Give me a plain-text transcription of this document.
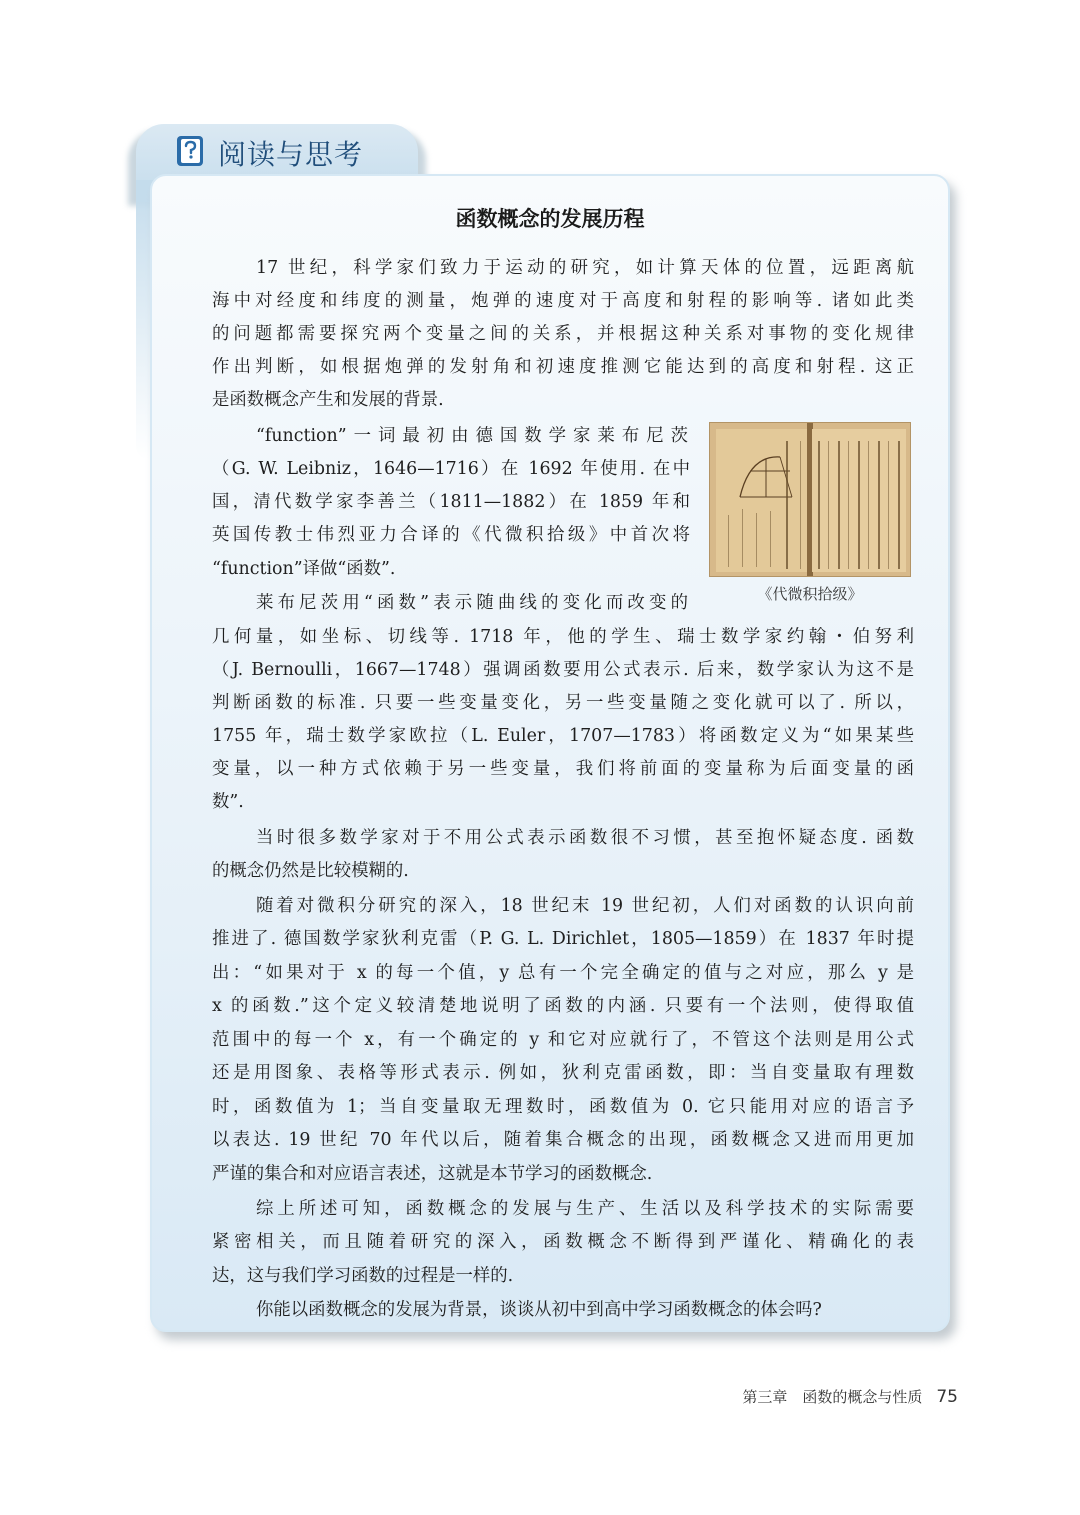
阅读与思考
函数概念的发展历程
17 世纪，科学家们致力于运动的研究，如计算天体的位置，远距离航
海中对经度和纬度的测量，炮弹的速度对于高度和射程的影响等. 诸如此类
的问题都需要探究两个变量之间的关系，并根据这种关系对事物的变化规律
作出判断，如根据炮弹的发射角和初速度推测它能达到的高度和射程. 这正
是函数概念产生和发展的背景.
“function”一词最初由德国数学家莱布尼茨
（G. W. Leibniz，1646—1716）在 1692 年使用. 在中
国，清代数学家李善兰（1811—1882）在 1859 年和
英国传教士伟烈亚力合译的《代微积拾级》中首次将
“function”译做“函数”.
莱布尼茨用“函数”表示随曲线的变化而改变的
几何量，如坐标、切线等. 1718 年，他的学生、瑞士数学家约翰・伯努利
（J. Bernoulli，1667—1748）强调函数要用公式表示. 后来，数学家认为这不是
判断函数的标准. 只要一些变量变化，另一些变量随之变化就可以了. 所以，
1755 年，瑞士数学家欧拉（L. Euler，1707—1783）将函数定义为“如果某些
变量，以一种方式依赖于另一些变量，我们将前面的变量称为后面变量的函
数”.
当时很多数学家对于不用公式表示函数很不习惯，甚至抱怀疑态度. 函数
的概念仍然是比较模糊的.
随着对微积分研究的深入，18 世纪末 19 世纪初，人们对函数的认识向前
推进了. 德国数学家狄利克雷（P. G. L. Dirichlet，1805—1859）在 1837 年时提
出：“如果对于 x 的每一个值，y 总有一个完全确定的值与之对应，那么 y 是
x 的函数.”这个定义较清楚地说明了函数的内涵. 只要有一个法则，使得取值
范围中的每一个 x，有一个确定的 y 和它对应就行了，不管这个法则是用公式
还是用图象、表格等形式表示. 例如，狄利克雷函数，即：当自变量取有理数
时，函数值为 1；当自变量取无理数时，函数值为 0. 它只能用对应的语言予
以表达. 19 世纪 70 年代以后，随着集合概念的出现，函数概念又进而用更加
严谨的集合和对应语言表述，这就是本节学习的函数概念.
综上所述可知，函数概念的发展与生产、生活以及科学技术的实际需要
紧密相关，而且随着研究的深入，函数概念不断得到严谨化、精确化的表
达，这与我们学习函数的过程是一样的.
你能以函数概念的发展为背景，谈谈从初中到高中学习函数概念的体会吗?
《代微积拾级》
第三章　函数的概念与性质 75
